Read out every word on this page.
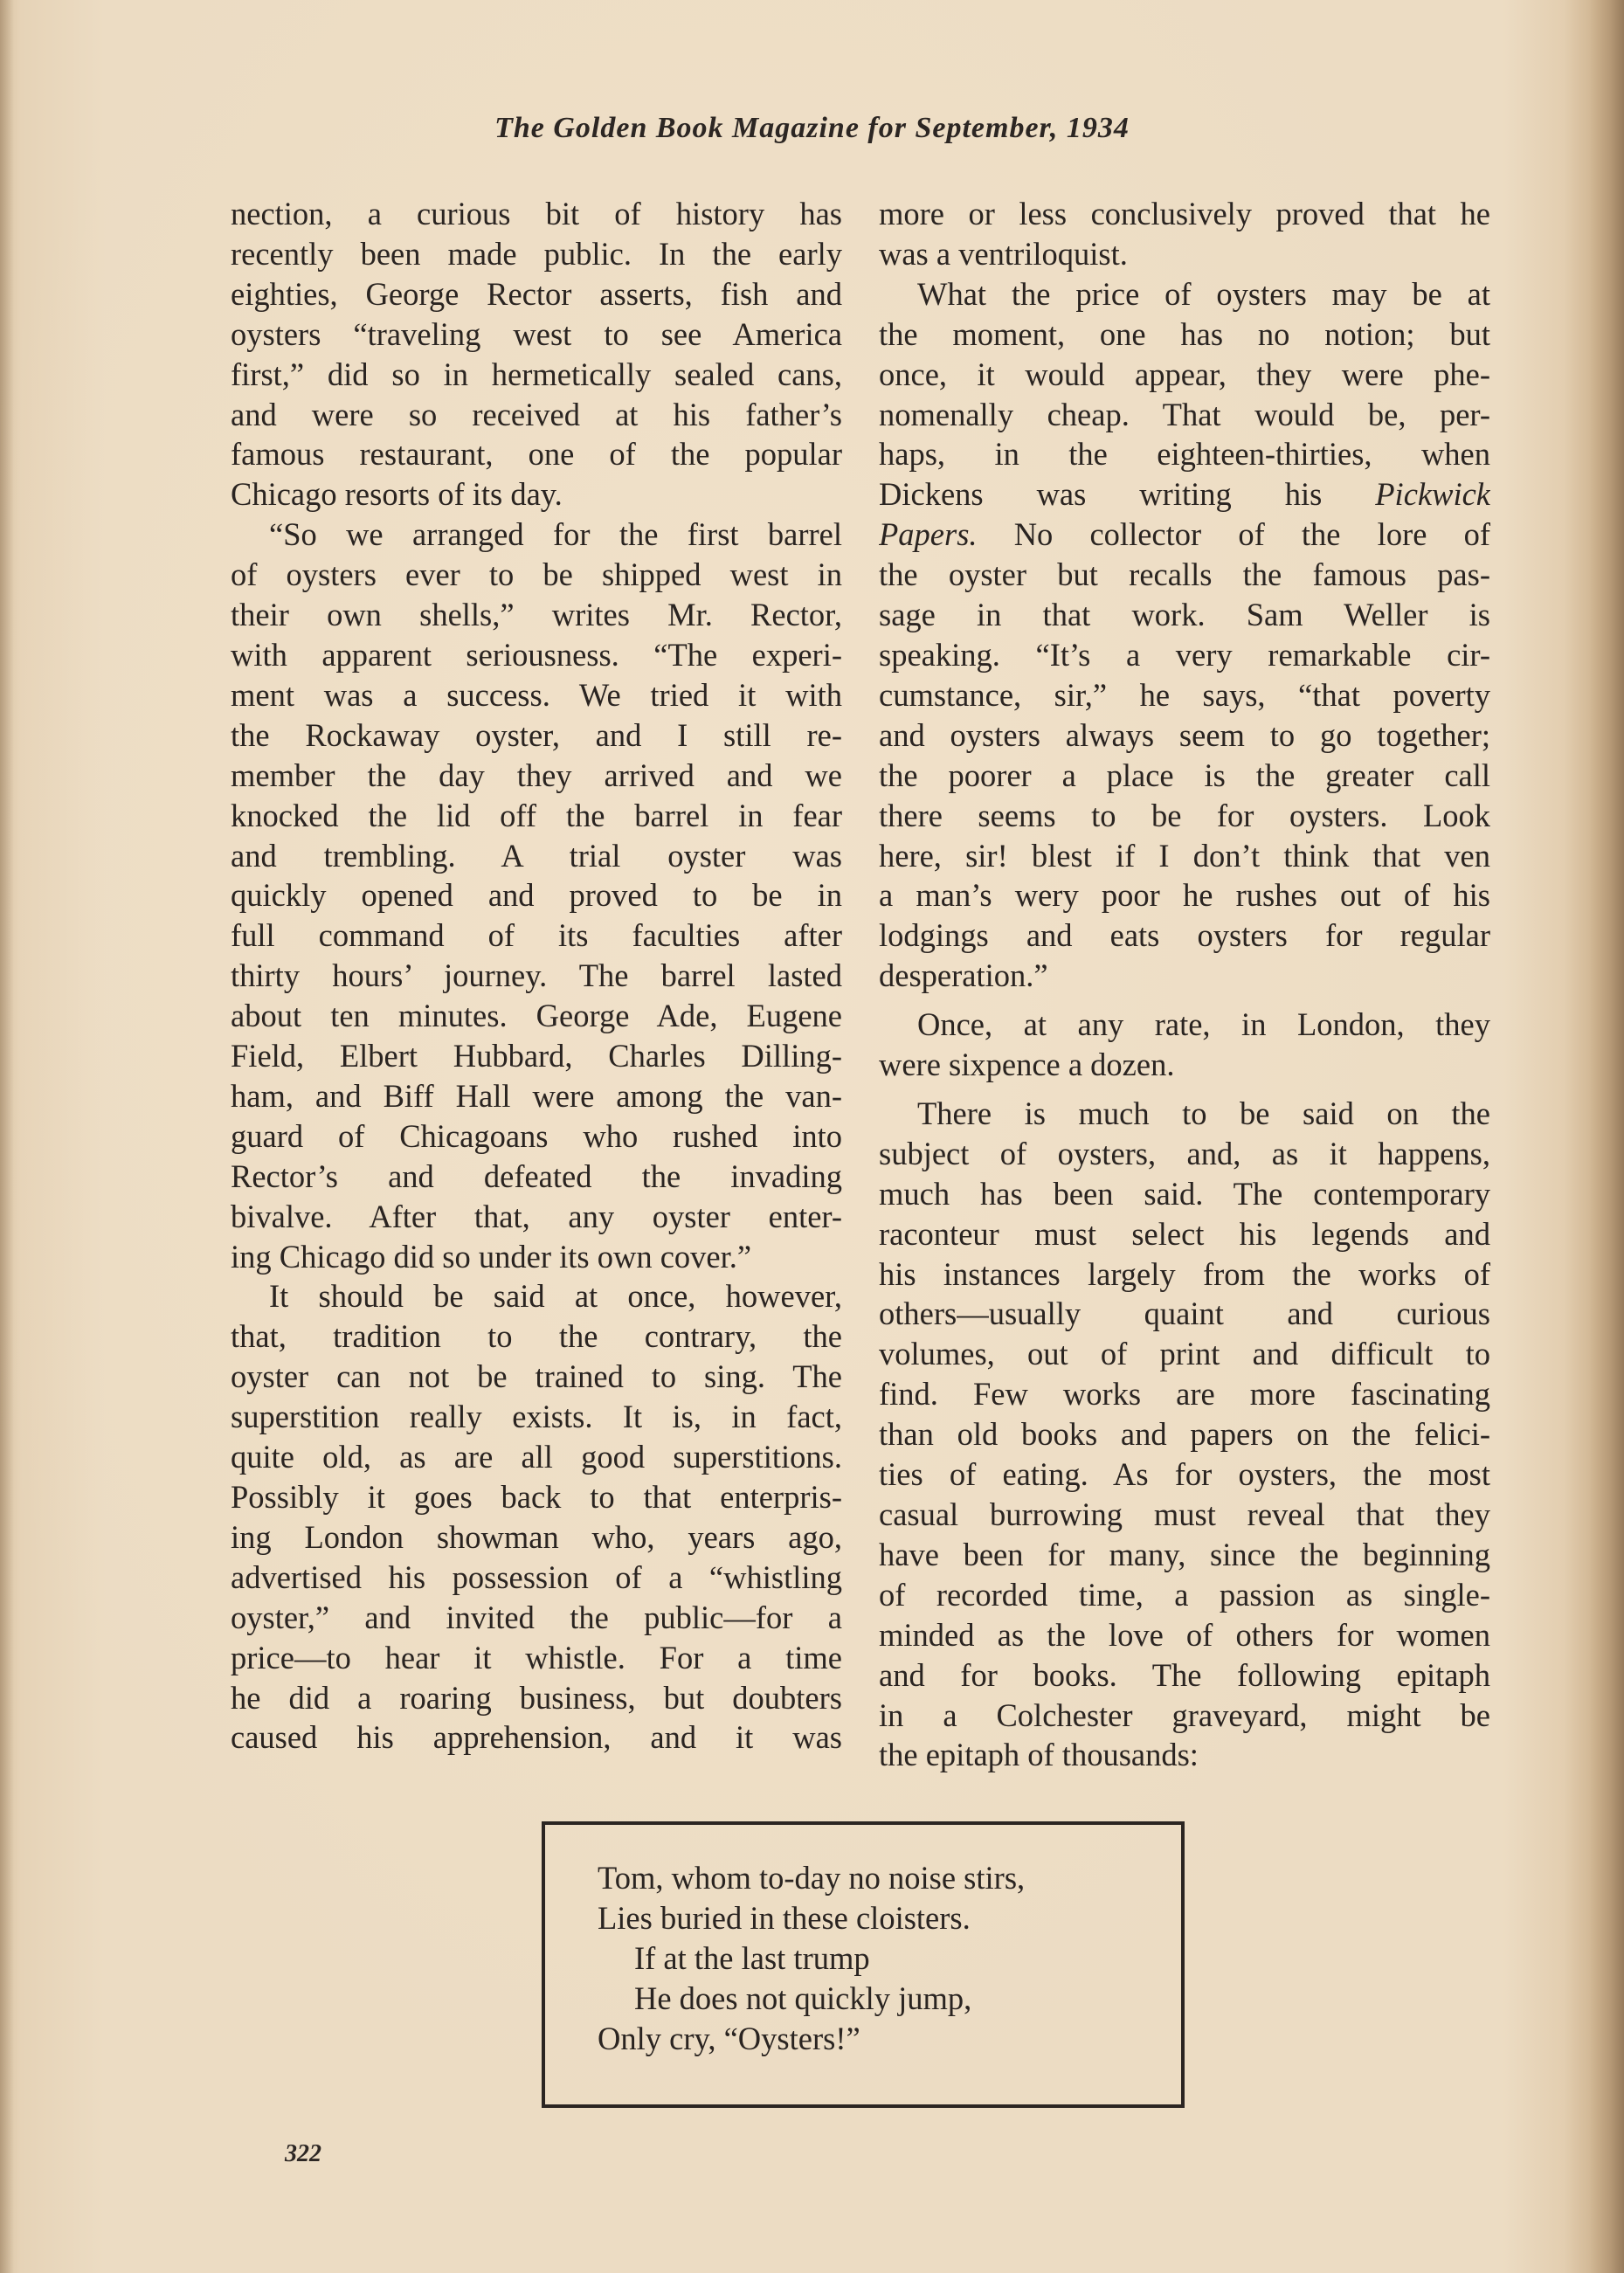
The Golden Book Magazine for September, 1934

nection, a curious bit of history has
recently been made public. In the early
eighties, George Rector asserts, fish and
oysters “traveling west to see America
first,” did so in hermetically sealed cans,
and were so received at his father’s
famous restaurant, one of the popular
Chicago resorts of its day.

“So we arranged for the first barrel
of oysters ever to be shipped west in
their own shells,” writes Mr. Rector,
with apparent seriousness. “The experi-
ment was a success. We tried it with
the Rockaway oyster, and I still re-
member the day they arrived and we
knocked the lid off the barrel in fear
and trembling. A trial oyster was
quickly opened and proved to be in
full command of its faculties after
thirty hours’ journey. The barrel lasted
about ten minutes. George Ade, Eugene
Field, Elbert Hubbard, Charles Dilling-
ham, and Biff Hall were among the van-
guard of Chicagoans who rushed into
Rector’s and defeated the invading
bivalve. After that, any oyster enter-
ing Chicago did so under its own cover.”

It should be said at once, however,
that, tradition to the contrary, the
oyster can not be trained to sing. The
superstition really exists. It is, in fact,
quite old, as are all good superstitions.
Possibly it goes back to that enterpris-
ing London showman who, years ago,
advertised his possession of a “whistling
oyster,” and invited the public—for a
price—to hear it whistle. For a time
he did a roaring business, but doubters
caused his apprehension, and it was

more or less conclusively proved that he
was a ventriloquist.

What the price of oysters may be at
the moment, one has no notion; but
once, it would appear, they were phe-
nomenally cheap. That would be, per-
haps, in the eighteen-thirties, when
Dickens was writing his Pickwick
Papers. No collector of the lore of
the oyster but recalls the famous pas-
sage in that work. Sam Weller is
speaking. “It’s a very remarkable cir-
cumstance, sir,” he says, “that poverty
and oysters always seem to go together;
the poorer a place is the greater call
there seems to be for oysters. Look
here, sir! blest if I don’t think that ven
a man’s wery poor he rushes out of his
lodgings and eats oysters for regular
desperation.”

Once, at any rate, in London, they
were sixpence a dozen.

There is much to be said on the
subject of oysters, and, as it happens,
much has been said. The contemporary
raconteur must select his legends and
his instances largely from the works of
others—usually quaint and curious
volumes, out of print and difficult to
find. Few works are more fascinating
than old books and papers on the felici-
ties of eating. As for oysters, the most
casual burrowing must reveal that they
have been for many, since the beginning
of recorded time, a passion as single-
minded as the love of others for women
and for books. The following epitaph
in a Colchester graveyard, might be
the epitaph of thousands:

Tom, whom to-day no noise stirs,
Lies buried in these cloisters.
If at the last trump
He does not quickly jump,
Only cry, “Oysters!”
322
